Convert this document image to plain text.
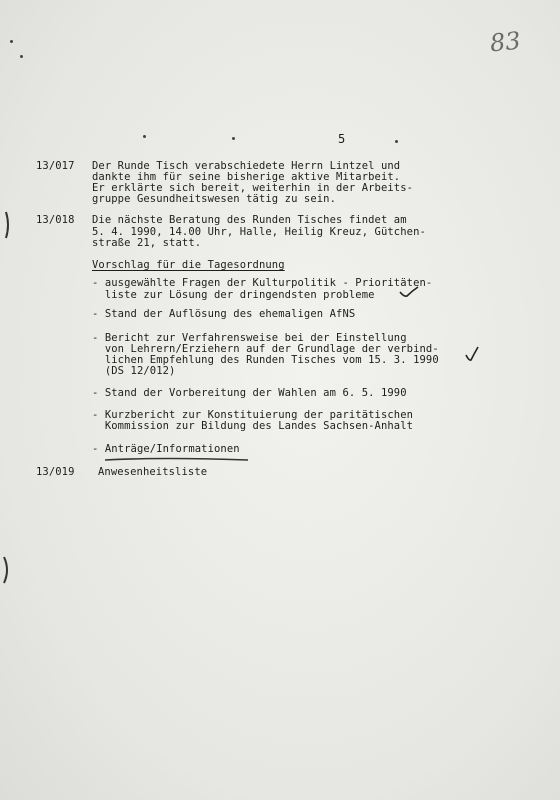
83
5
13/017 Der Runde Tisch verabschiedete Herrn Lintzel und
dankte ihm für seine bisherige aktive Mitarbeit.
Er erklärte sich bereit, weiterhin in der Arbeits-
gruppe Gesundheitswesen tätig zu sein.
13/018 Die nächste Beratung des Runden Tisches findet am
5. 4. 1990, 14.00 Uhr, Halle, Heilig Kreuz, Gütchen-
straße 21, statt.
Vorschlag für die Tagesordnung
- ausgewählte Fragen der Kulturpolitik - Prioritäten-
liste zur Lösung der dringendsten probleme
- Stand der Auflösung des ehemaligen AfNS
- Bericht zur Verfahrensweise bei der Einstellung
von Lehrern/Erziehern auf der Grundlage der verbind-
lichen Empfehlung des Runden Tisches vom 15. 3. 1990
(DS 12/012)
- Stand der Vorbereitung der Wahlen am 6. 5. 1990
- Kurzbericht zur Konstituierung der paritätischen
Kommission zur Bildung des Landes Sachsen-Anhalt
- Anträge/Informationen
13/019 Anwesenheitsliste
